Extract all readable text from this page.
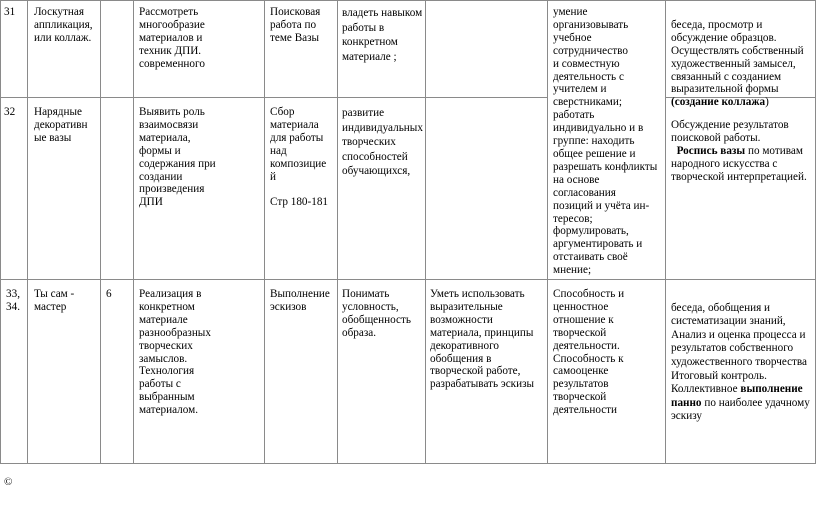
31 Лоскутная
аппликация,
или коллаж.
Рассмотреть
многообразие
материалов и
техник ДПИ.
современного
Поисковая
работа по
теме Вазы
владеть навыком
работы в
конкретном
материале ;

беседа, просмотр и
обсуждение образцов.
Осуществлять собственный
художественный замысел,
связанный с созданием
выразительной формы
(создание коллажа)

умение
организовывать
учебное
сотрудничество
и совместную
деятельность с
учителем и
сверстниками;
работать
индивидуально и в
группе: находить
общее решение и
разрешать конфликты
на основе
согласования
позиций и учёта ин-
тересов;
формулировать,
аргументировать и
отстаивать своё
мнение;
32 Нарядные
декоративн
ые вазы
Выявить роль
взаимосвязи
материала,
формы и
содержания при
создании
произведения
ДПИ
Сбор
материала
для работы
над
композицие
й

Стр 180-181
развитие
индивидуальных
творческих
способностей
обучающихся,

Обсуждение результатов
поисковой работы.
Роспись вазы по мотивам
народного искусства с
творческой интерпретацией.

33,
34.
Ты сам -
мастер
6 Реализация в
конкретном
материале
разнообразных
творческих
замыслов.
Технология
работы с
выбранным
материалом.
Выполнение
эскизов
Понимать
условность,
обобщенность
образа.
Уметь использовать
выразительные
возможности
материала, принципы
декоративного
обобщения в
творческой работе,
разрабатывать эскизы
Способность и
ценностное
отношение к
творческой
деятельности.
Способность к
самооценке
результатов
творческой
деятельности

беседа, обобщения и
систематизации знаний,
Анализ и оценка процесса и
результатов собственного
художественного творчества
Итоговый контроль.
Коллективное выполнение
панно по наиболее удачному
эскизу

©
